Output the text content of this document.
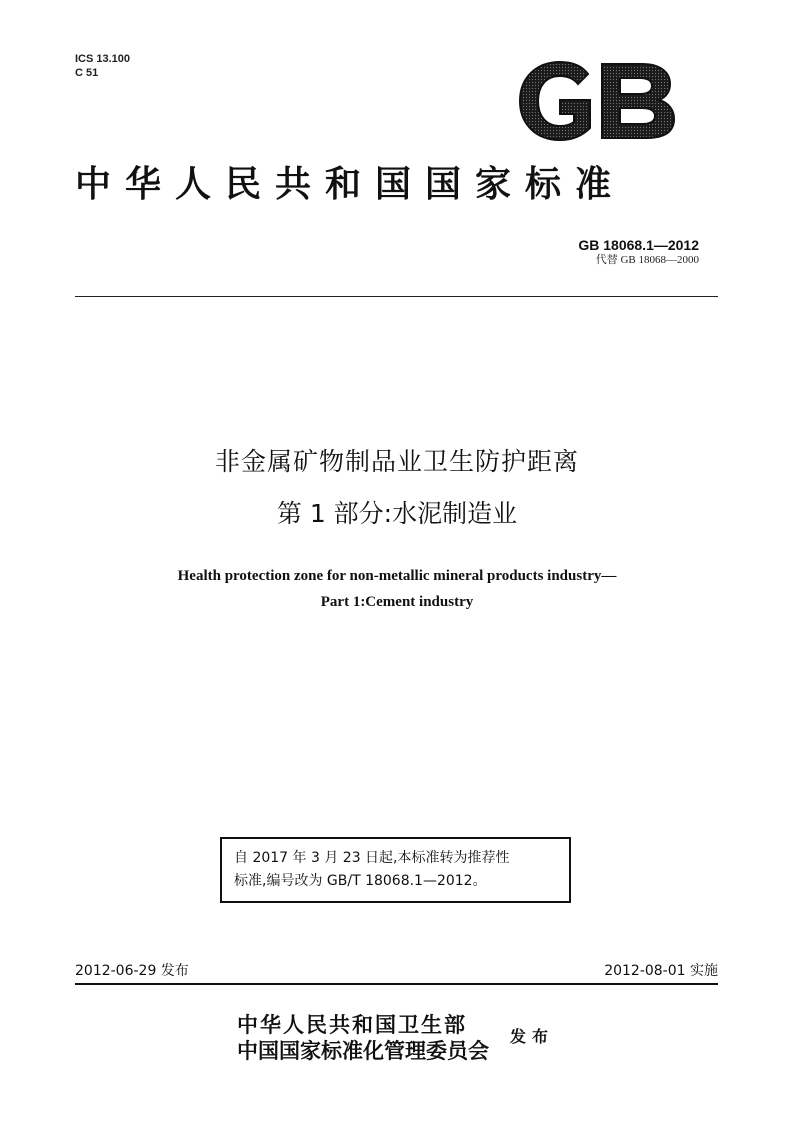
ICS 13.100
C 51
中华人民共和国国家标准
GB 18068.1—2012
代替 GB 18068—2000
非金属矿物制品业卫生防护距离
第 1 部分:水泥制造业
Health protection zone for non-metallic mineral products industry—
Part 1:Cement industry
自 2017 年 3 月 23 日起,本标准转为推荐性
标准,编号改为 GB/T 18068.1—2012。
2012-06-29 发布	2012-08-01 实施
中华人民共和国卫生部
中国国家标准化管理委员会
发布
